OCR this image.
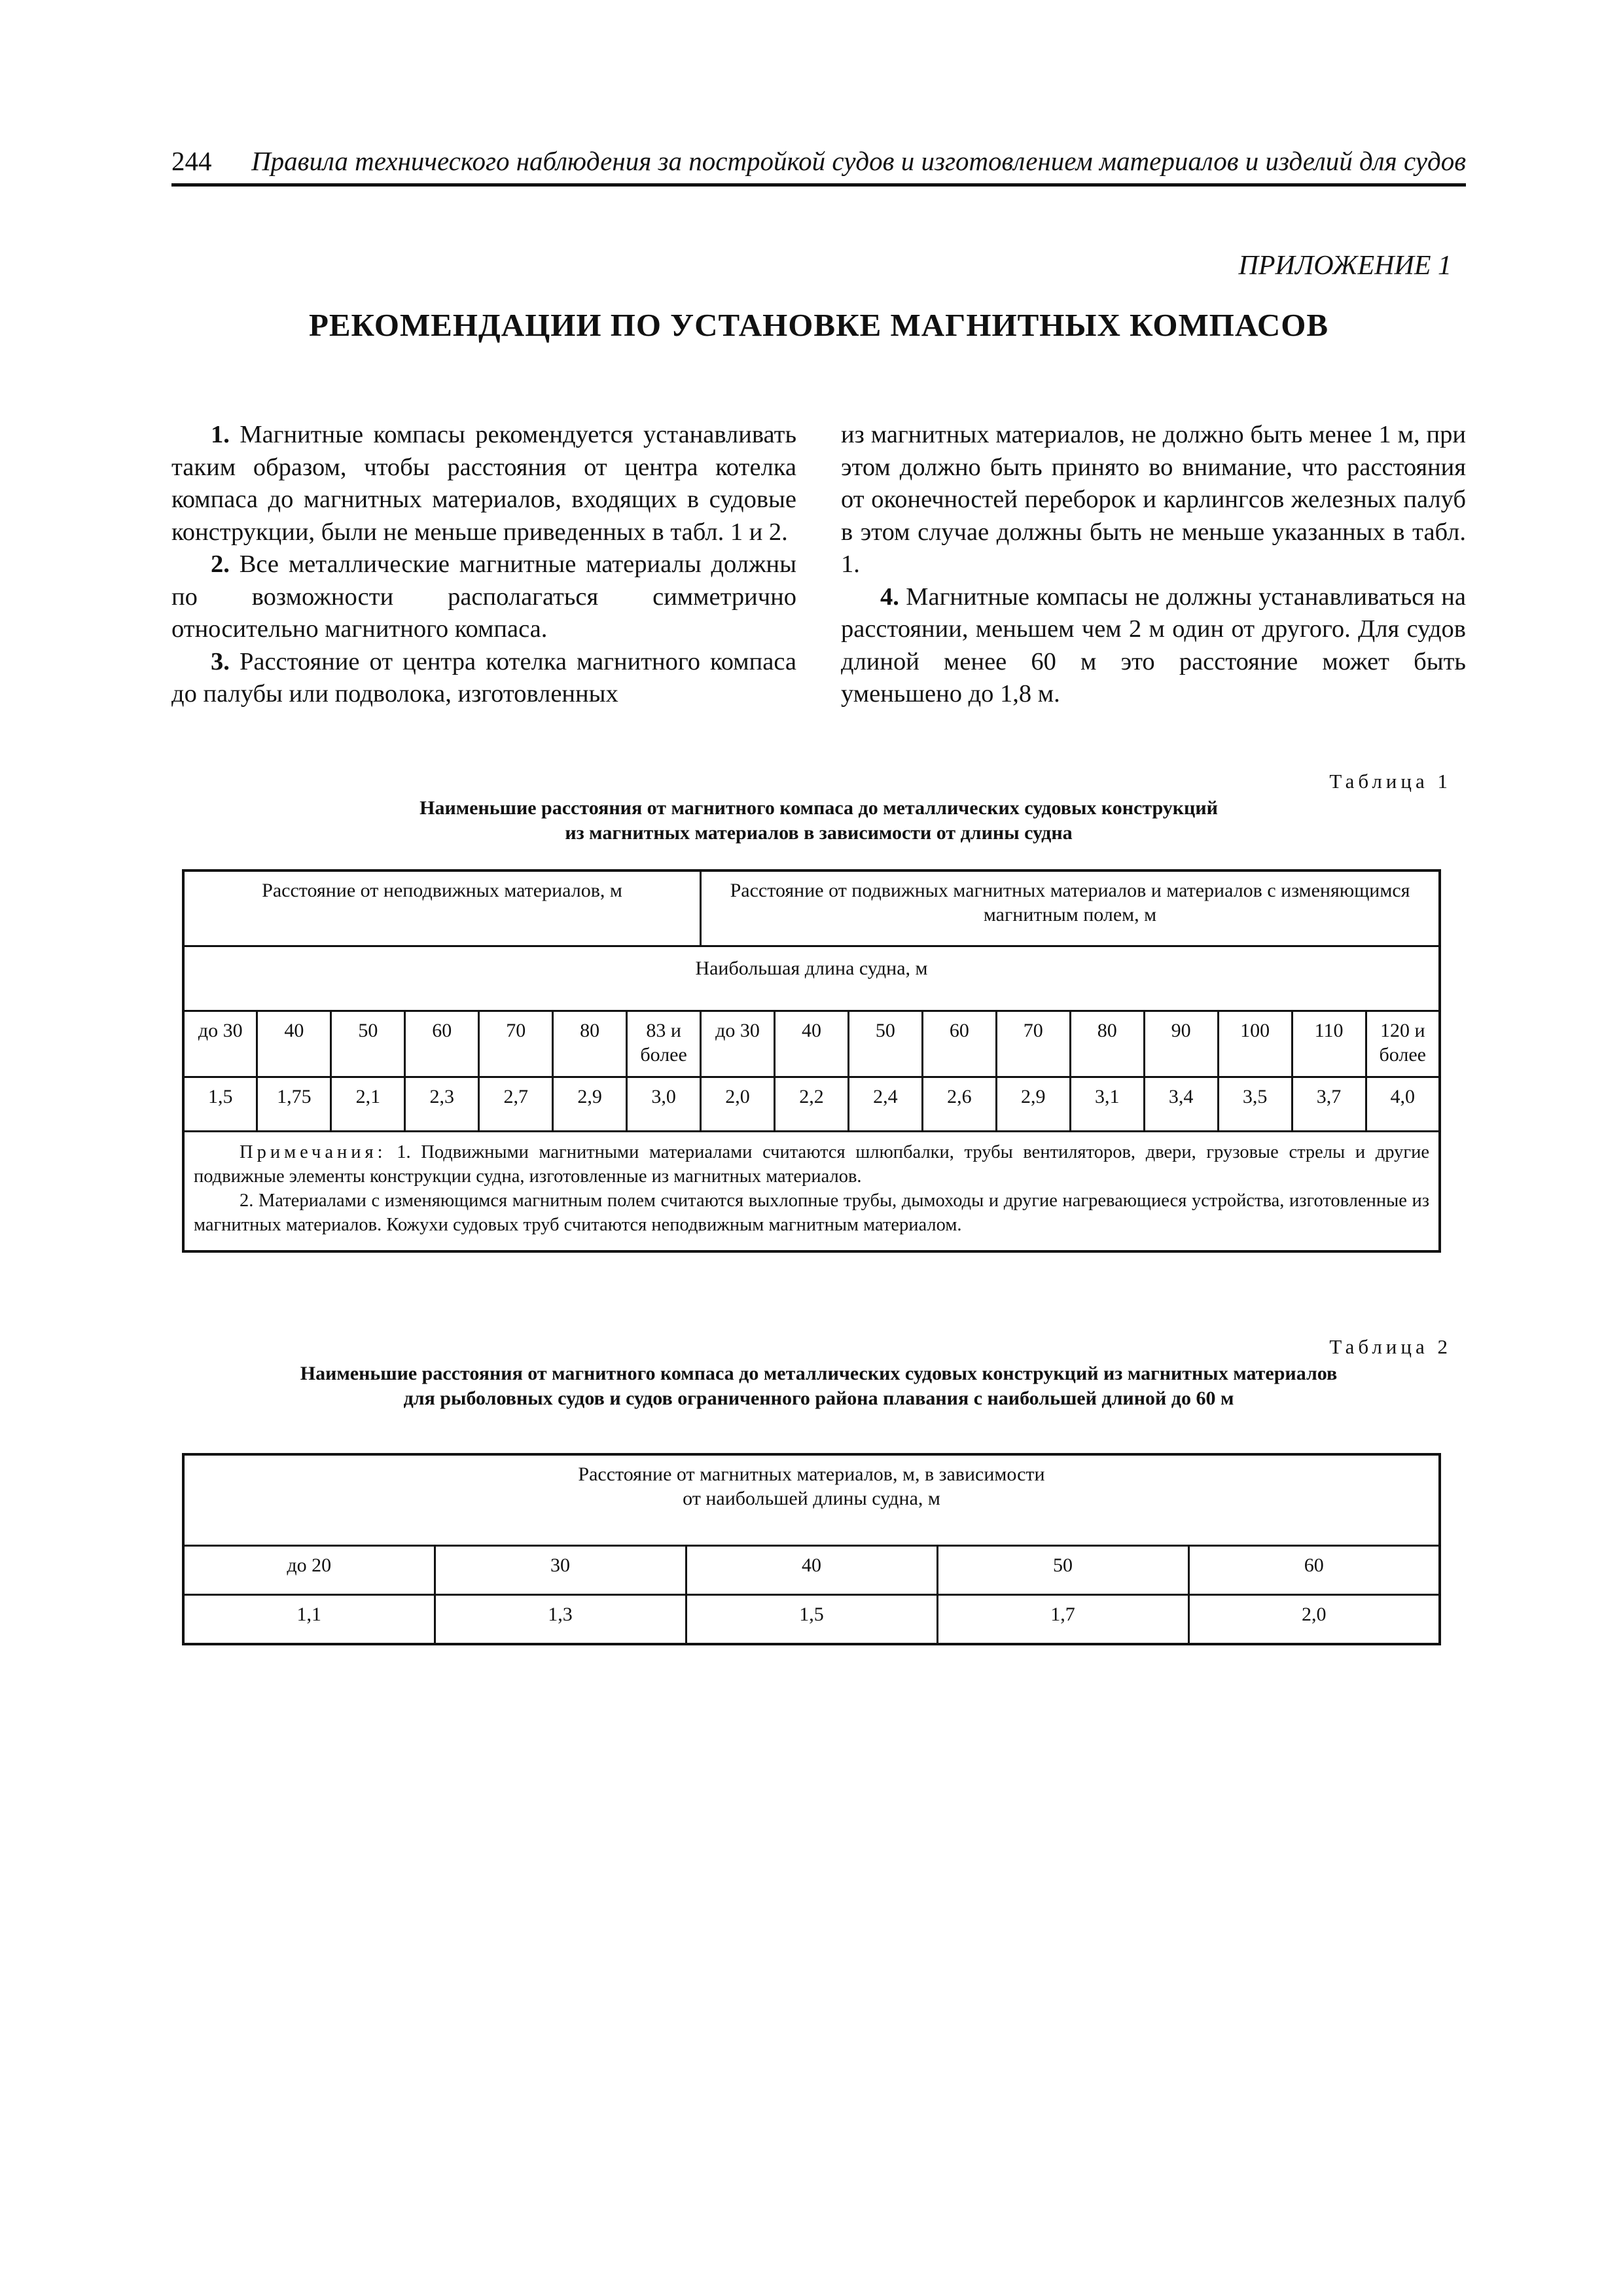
244 Правила технического наблюдения за постройкой судов и изготовлением материалов и изделий для судов
ПРИЛОЖЕНИЕ 1
РЕКОМЕНДАЦИИ ПО УСТАНОВКЕ МАГНИТНЫХ КОМПАСОВ

1. Магнитные компасы рекомендуется устанавливать таким образом, чтобы расстояния от центра котелка компаса до магнитных материалов, входящих в судовые конструкции, были не меньше приведенных в табл. 1 и 2.

2. Все металлические магнитные материалы должны по возможности располагаться симметрично относительно магнитного компаса.

3. Расстояние от центра котелка магнитного компаса до палубы или подволока, изготовленных

из магнитных материалов, не должно быть менее 1 м, при этом должно быть принято во внимание, что расстояния от оконечностей переборок и карлингсов железных палуб в этом случае должны быть не меньше указанных в табл. 1.

4. Магнитные компасы не должны устанавливаться на расстоянии, меньшем чем 2 м один от другого. Для судов длиной менее 60 м это расстояние может быть уменьшено до 1,8 м.

Таблица 1
Наименьшие расстояния от магнитного компаса до металлических судовых конструкций
из магнитных материалов в зависимости от длины судна
Расстояние от неподвижных материалов, м							Расстояние от подвижных магнитных материалов и материалов с изменяющимся магнитным полем, м									
Наибольшая длина судна, м																
до 30	40	50	60	70	80	83 и более	до 30	40	50	60	70	80	90	100	110	120 и более
1,5	1,75	2,1	2,3	2,7	2,9	3,0	2,0	2,2	2,4	2,6	2,9	3,1	3,4	3,5	3,7	4,0

Примечания: 1. Подвижными магнитными материалами считаются шлюпбалки, трубы вентиляторов, двери, грузовые стрелы и другие подвижные элементы конструкции судна, изготовленные из магнитных материалов.
2. Материалами с изменяющимся магнитным полем считаются выхлопные трубы, дымоходы и другие нагревающиеся устройства, изготовленные из магнитных материалов. Кожухи судовых труб считаются неподвижным магнитным материалом.																
Таблица 2
Наименьшие расстояния от магнитного компаса до металлических судовых конструкций из магнитных материалов
для рыболовных судов и судов ограниченного района плавания с наибольшей длиной до 60 м
Расстояние от магнитных материалов, м, в зависимости
от наибольшей длины судна, м				

до 20	30	40	50	60
1,1	1,3	1,5	1,7	2,0
